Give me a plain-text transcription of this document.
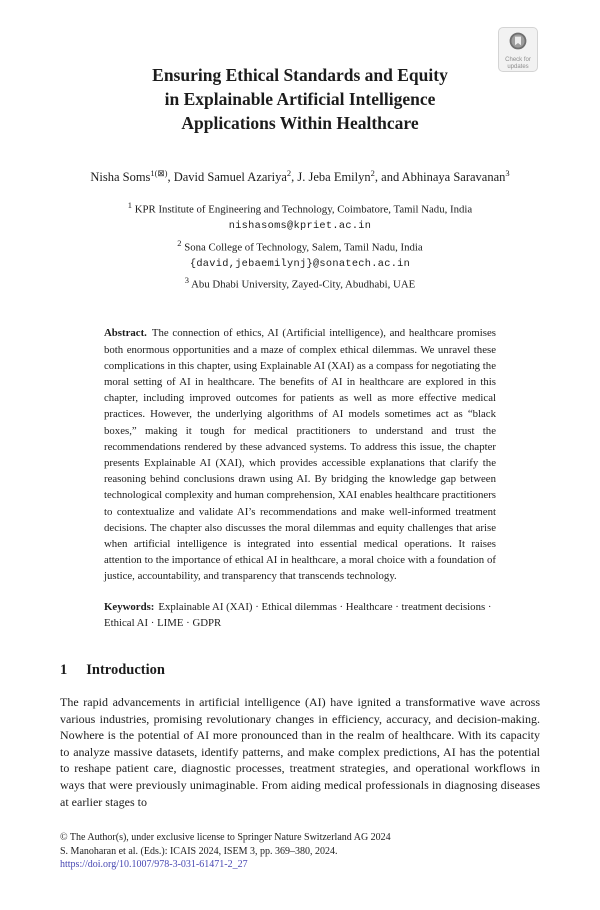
Check for updates
Ensuring Ethical Standards and Equity
in Explainable Artificial Intelligence
Applications Within Healthcare
Nisha Soms$^{1(⊠)}$, David Samuel Azariya$^2$, J. Jeba Emilyn$^2$, and Abhinaya Saravanan$^3$
$^1$ KPR Institute of Engineering and Technology, Coimbatore, Tamil Nadu, India
nishasoms@kpriet.ac.in
$^2$ Sona College of Technology, Salem, Tamil Nadu, India
{david,jebaemilynj}@sonatech.ac.in
$^3$ Abu Dhabi University, Zayed-City, Abudhabi, UAE
Abstract. The connection of ethics, AI (Artificial intelligence), and healthcare promises both enormous opportunities and a maze of complex ethical dilemmas. We unravel these complications in this chapter, using Explainable AI (XAI) as a compass for negotiating the moral setting of AI in healthcare. The benefits of AI in healthcare are explored in this chapter, including improved outcomes for patients as well as more effective medical practices. However, the underlying algorithms of AI models sometimes act as “black boxes,” making it tough for medical practitioners to understand and trust the recommendations rendered by these advanced systems. To address this issue, the chapter presents Explainable AI (XAI), which provides accessible explanations that clarify the reasoning behind conclusions drawn using AI. By bridging the knowledge gap between technological complexity and human comprehension, XAI enables healthcare practitioners to contextualize and validate AI’s recommendations and make well-informed treatment decisions. The chapter also discusses the moral dilemmas and equity challenges that arise when artificial intelligence is integrated into essential medical operations. It raises attention to the importance of ethical AI in healthcare, a moral choice with a foundation of justice, accountability, and transparency that transcends technology.
Keywords: Explainable AI (XAI) · Ethical dilemmas · Healthcare · treatment decisions · Ethical AI · LIME · GDPR
1 Introduction
The rapid advancements in artificial intelligence (AI) have ignited a transformative wave across various industries, promising revolutionary changes in efficiency, accuracy, and decision-making. Nowhere is the potential of AI more pronounced than in the realm of healthcare. With its capacity to analyze massive datasets, identify patterns, and make complex predictions, AI has the potential to reshape patient care, diagnostic processes, treatment strategies, and operational workflows in ways that were previously unimaginable. From aiding medical professionals in diagnosing diseases at earlier stages to
© The Author(s), under exclusive license to Springer Nature Switzerland AG 2024
S. Manoharan et al. (Eds.): ICAIS 2024, ISEM 3, pp. 369–380, 2024.
https://doi.org/10.1007/978-3-031-61471-2_27
